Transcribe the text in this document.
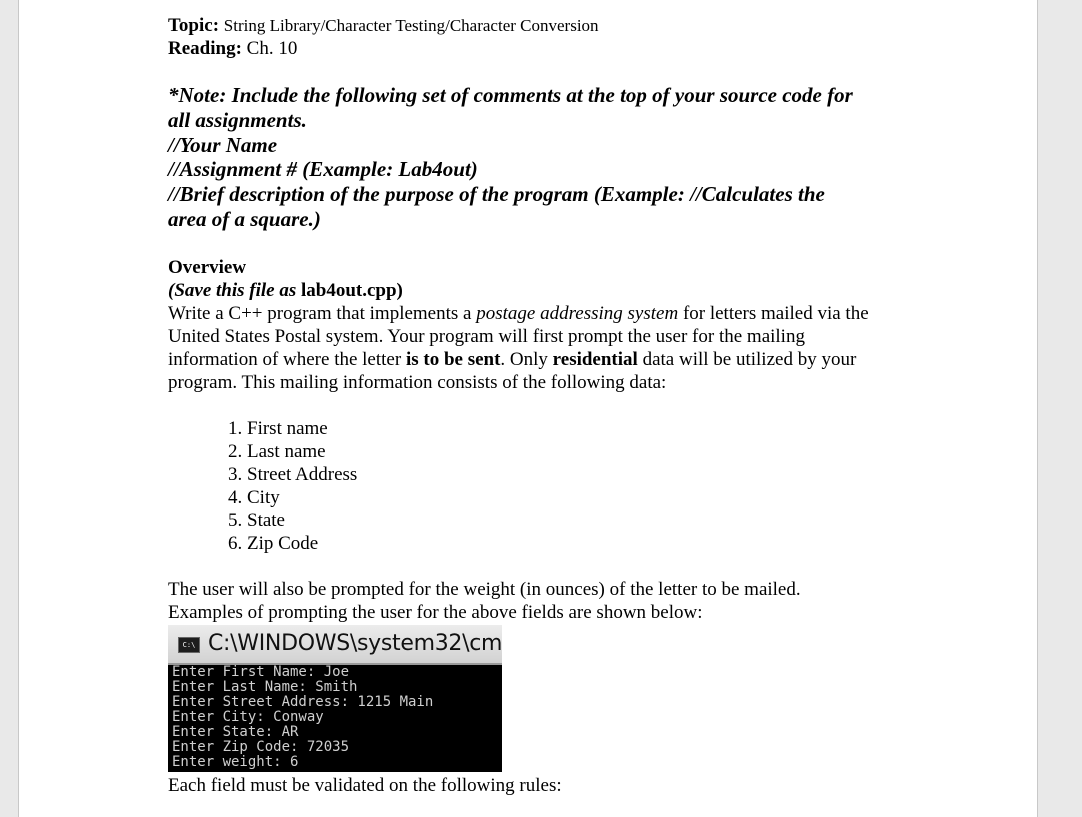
Topic: String Library/Character Testing/Character Conversion
Reading: Ch. 10
*Note: Include the following set of comments at the top of your source code for
all assignments.
//Your Name
//Assignment # (Example: Lab4out)
//Brief description of the purpose of the program (Example: //Calculates the
area of a square.)
Overview
(Save this file as lab4out.cpp)
Write a C++ program that implements a postage addressing system for letters mailed via the United States Postal system. Your program will first prompt the user for the mailing information of where the letter is to be sent. Only residential data will be utilized by your program. This mailing information consists of the following data:
1. First name
2. Last name
3. Street Address
4. City
5. State
6. Zip Code
The user will also be prompted for the weight (in ounces) of the letter to be mailed.
Examples of prompting the user for the above fields are shown below:
C:\ C:\WINDOWS\system32\cm
Enter First Name: Joe
Enter Last Name: Smith
Enter Street Address: 1215 Main
Enter City: Conway
Enter State: AR
Enter Zip Code: 72035
Enter weight: 6
Each field must be validated on the following rules:
